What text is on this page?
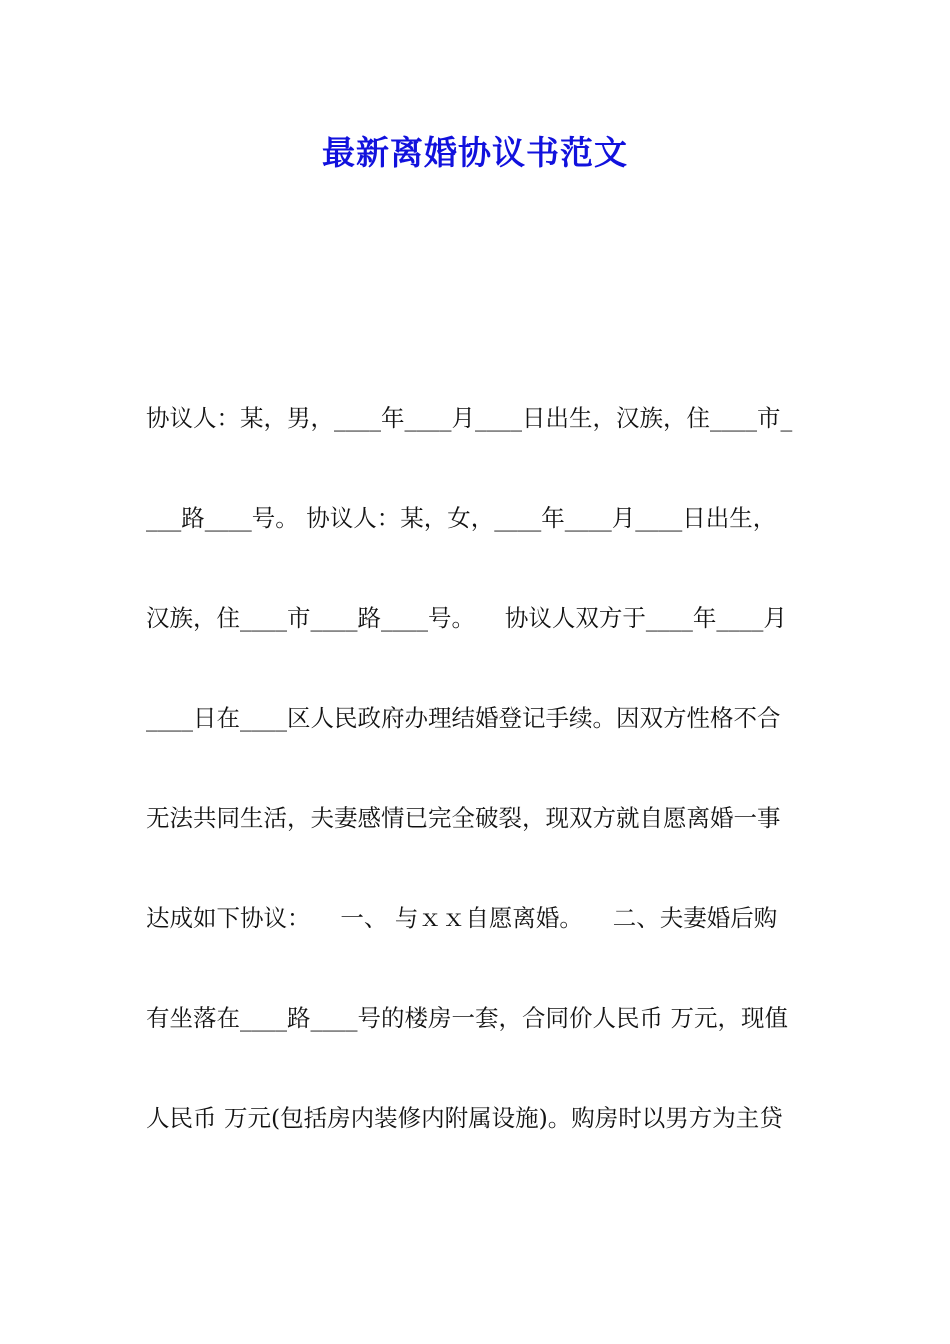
最新离婚协议书范文
协议人：某，男，____年____月____日出生，汉族，住____市_
___路____号。 协议人：某，女，____年____月____日出生，
汉族，住____市____路____号。    协议人双方于____年____月
____日在____区人民政府办理结婚登记手续。因双方性格不合
无法共同生活，夫妻感情已完全破裂，现双方就自愿离婚一事
达成如下协议：    一、 与ｘｘ自愿离婚。    二、夫妻婚后购
有坐落在____路____号的楼房一套，合同价人民币 万元，现值
人民币 万元(包括房内装修内附属设施)。购房时以男方为主贷
